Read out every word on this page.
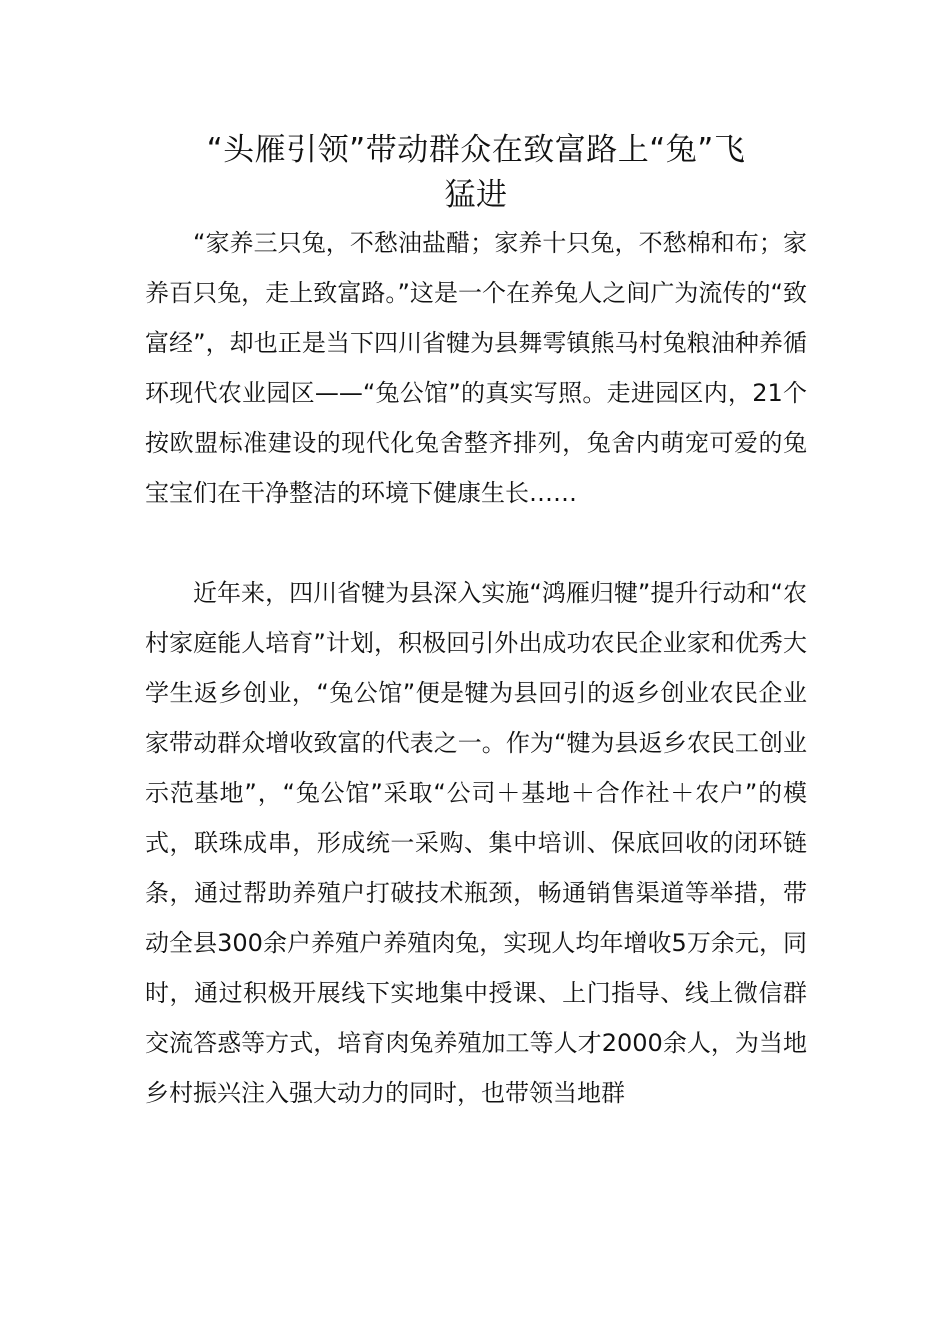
“头雁引领”带动群众在致富路上“兔”飞
猛进

“家养三只兔，不愁油盐醋；家养十只兔，不愁棉和布；家养百只兔，走上致富路。”这是一个在养兔人之间广为流传的“致富经”，却也正是当下四川省犍为县舞雩镇熊马村兔粮油种养循环现代农业园区——“兔公馆”的真实写照。走进园区内，21个按欧盟标准建设的现代化兔舍整齐排列，兔舍内萌宠可爱的兔宝宝们在干净整洁的环境下健康生长……

近年来，四川省犍为县深入实施“鸿雁归犍”提升行动和“农村家庭能人培育”计划，积极回引外出成功农民企业家和优秀大学生返乡创业，“兔公馆”便是犍为县回引的返乡创业农民企业家带动群众增收致富的代表之一。作为“犍为县返乡农民工创业示范基地”，“兔公馆”采取“公司＋基地＋合作社＋农户”的模式，联珠成串，形成统一采购、集中培训、保底回收的闭环链条，通过帮助养殖户打破技术瓶颈，畅通销售渠道等举措，带动全县300余户养殖户养殖肉兔，实现人均年增收5万余元，同时，通过积极开展线下实地集中授课、上门指导、线上微信群交流答惑等方式，培育肉兔养殖加工等人才2000余人，为当地乡村振兴注入强大动力的同时，也带领当地群
